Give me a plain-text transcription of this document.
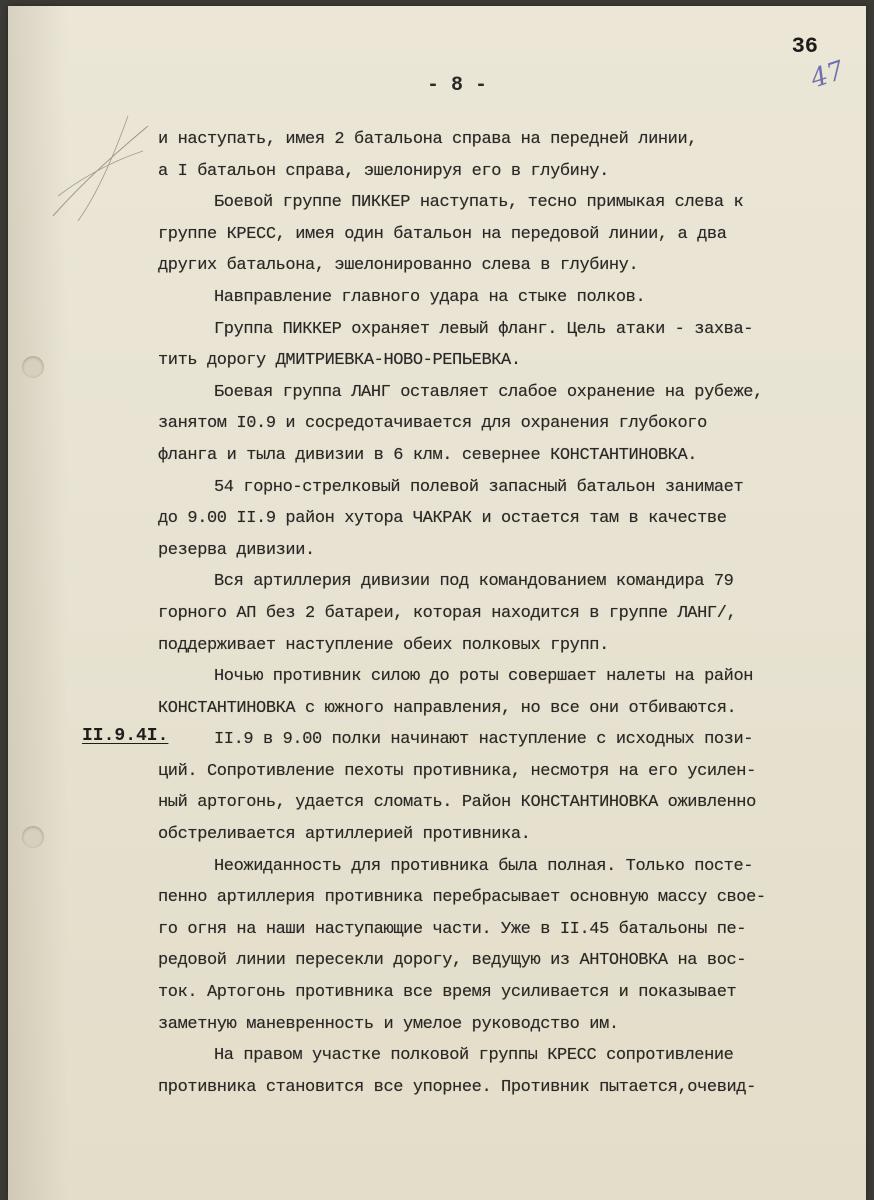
36
47
- 8 -
II.9.4I.
и наступать, имея 2 батальона справа на передней линии,
а I батальон справа, эшелонируя его в глубину.
Боевой группе ПИККЕР наступать, тесно примыкая слева к
группе КРЕСС, имея один батальон на передовой линии, а два
других батальона, эшелонированно слева в глубину.
Навправление главного удара на стыке полков.
Группа ПИККЕР охраняет левый фланг. Цель атаки - захва-
тить дорогу ДМИТРИЕВКА-НОВО-РЕПЬЕВКА.
Боевая группа ЛАНГ оставляет слабое охранение на рубеже,
занятом I0.9 и сосредотачивается для охранения глубокого
фланга и тыла дивизии в 6 клм. севернее КОНСТАНТИНОВКА.
54 горно-стрелковый полевой запасный батальон занимает
до 9.00 II.9 район хутора ЧАКРАК и остается там в качестве
резерва дивизии.
Вся артиллерия дивизии под командованием командира 79
горного АП без 2 батареи, которая находится в группе ЛАНГ/,
поддерживает наступление обеих полковых групп.
Ночью противник силою до роты совершает налеты на район
КОНСТАНТИНОВКА с южного направления, но все они отбиваются.
II.9 в 9.00 полки начинают наступление с исходных пози-
ций. Сопротивление пехоты противника, несмотря на его усилен-
ный артогонь, удается сломать. Район КОНСТАНТИНОВКА оживленно
обстреливается артиллерией противника.
Неожиданность для противника была полная. Только посте-
пенно артиллерия противника перебрасывает основную массу свое-
го огня на наши наступающие части. Уже в II.45 батальоны пе-
редовой линии пересекли дорогу, ведущую из АНТОНОВКА на вос-
ток. Артогонь противника все время усиливается и показывает
заметную маневренность и умелое руководство им.
На правом участке полковой группы КРЕСС сопротивление
противника становится все упорнее. Противник пытается,очевид-
